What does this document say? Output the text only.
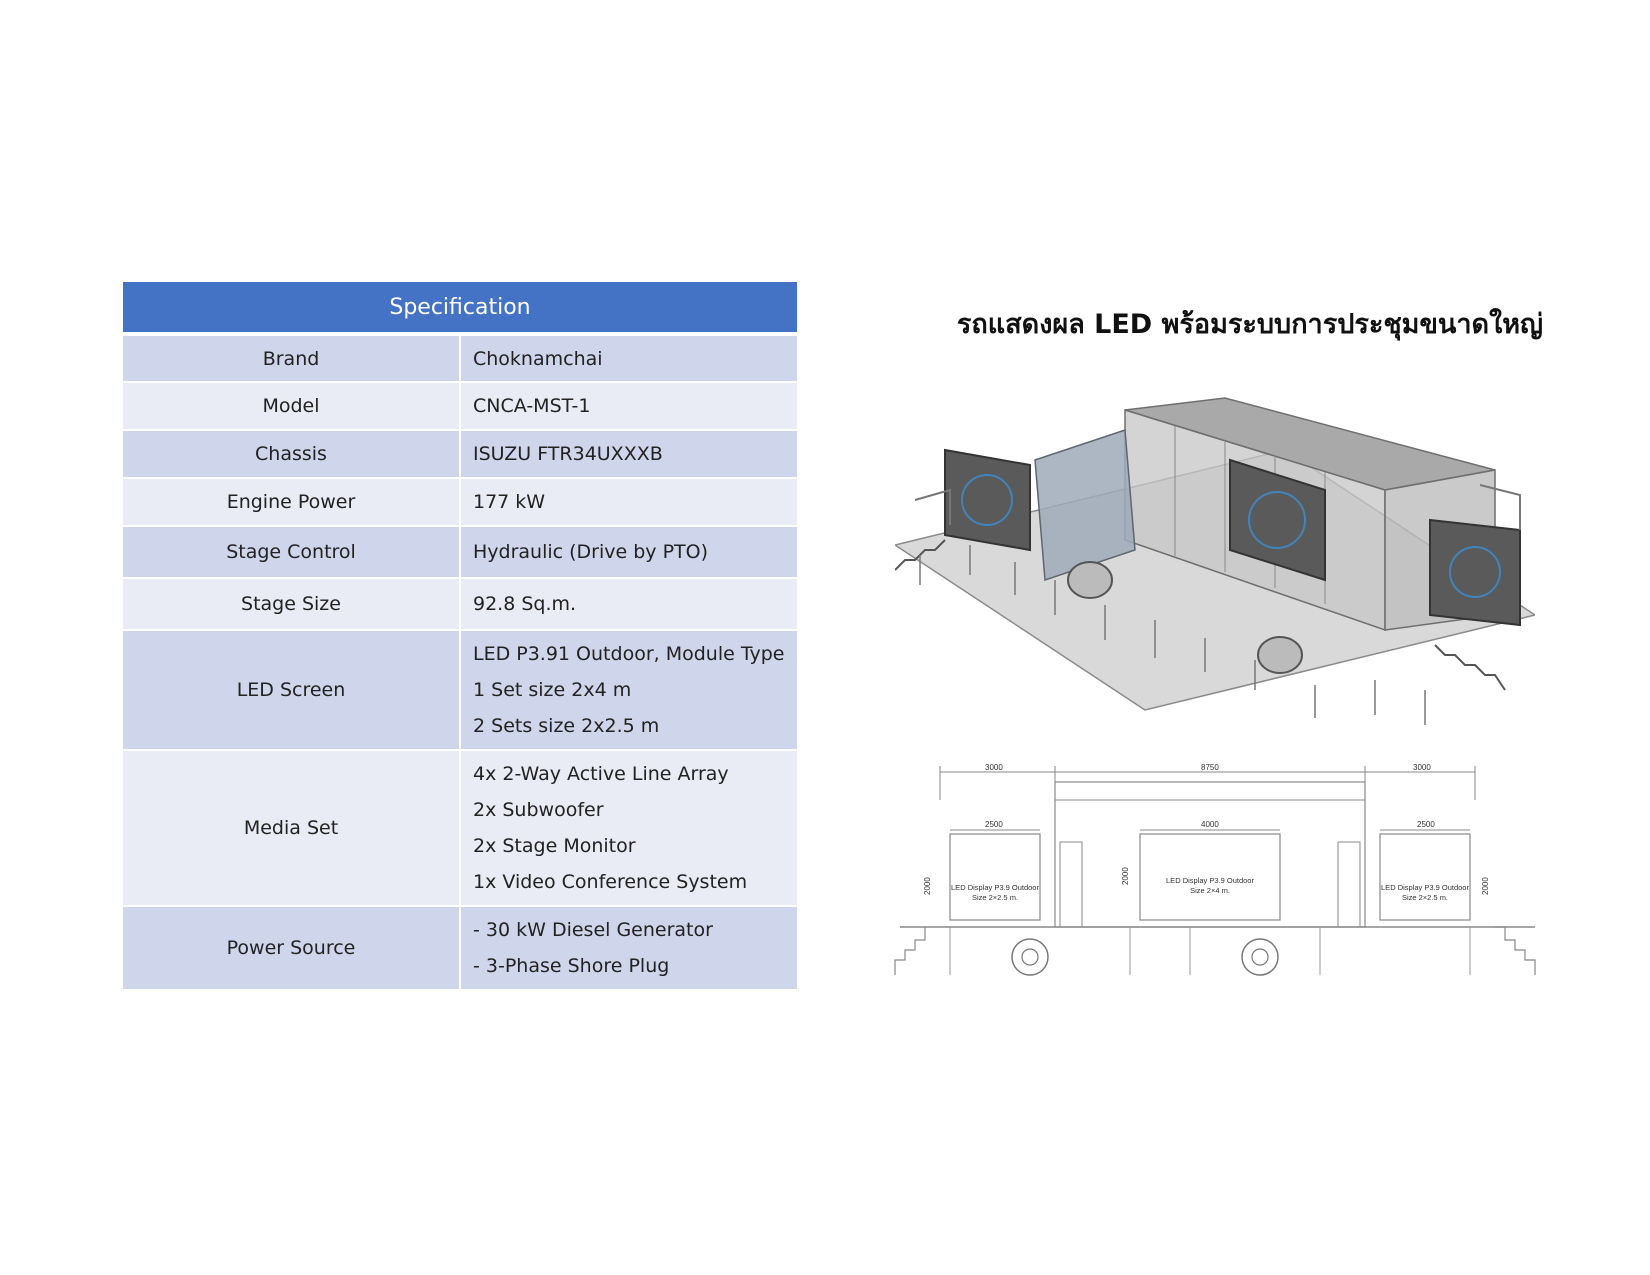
Specification	
Brand	Choknamchai

Model	CNCA-MST-1

Chassis	ISUZU FTR34UXXXB

Engine Power	177 kW

Stage Control	Hydraulic (Drive by PTO)

Stage Size	92.8 Sq.m.

LED Screen	LED P3.91 Outdoor, Module Type
1 Set size 2x4 m
2 Sets size 2x2.5 m

Media Set	4x 2-Way Active Line Array
2x Subwoofer
2x Stage Monitor
1x Video Conference System

Power Source	- 30 kW Diesel Generator
- 3-Phase Shore Plug
รถแสดงผล LED พร้อมระบบการประชุมขนาดใหญ่
3000	8750	3000
2500	4000	2500
LED Display P3.9 Outdoor
Size 2×2.5 m.
LED Display P3.9 Outdoor
Size 2×4 m.	LED Display P3.9 Outdoor
Size 2×2.5 m.
2000
2000
2000
